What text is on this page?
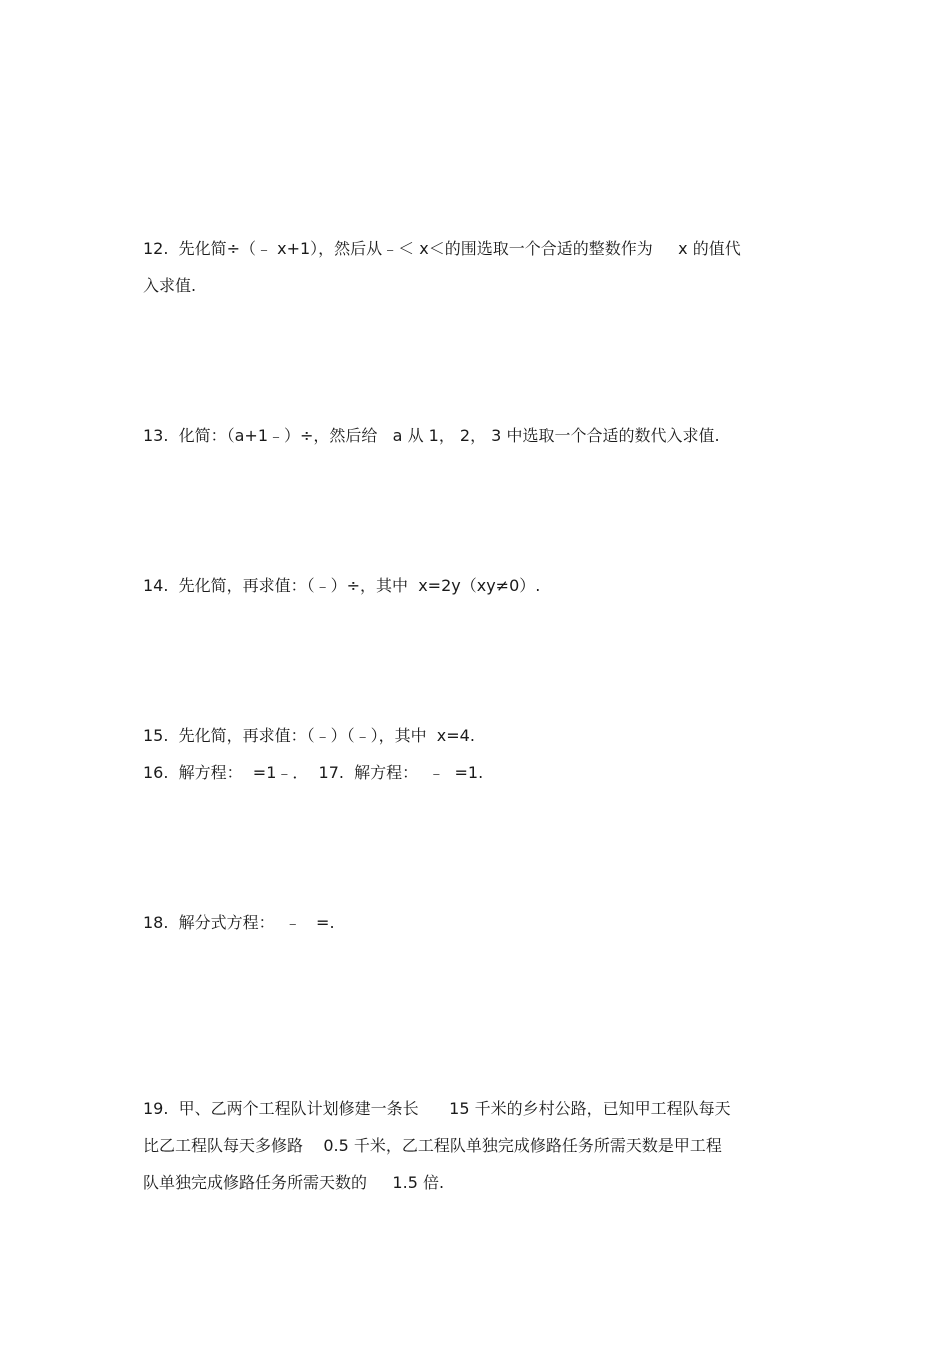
12.  先化简÷（﹣ x+1），然后从﹣＜ x＜的围选取一个合适的整数作为     x 的值代
入求值.
13.  化简：（a+1﹣）÷，然后给   a 从 1， 2， 3 中选取一个合适的数代入求值.
14.  先化简，再求值：（﹣）÷，其中  x=2y（xy≠0）.
15.  先化简，再求值：（﹣）（﹣），其中  x=4.
16.  解方程：  =1﹣．  17.  解方程：  ﹣  =1.
18.  解分式方程：  ﹣   =.
19.  甲、乙两个工程队计划修建一条长      15 千米的乡村公路，已知甲工程队每天
比乙工程队每天多修路    0.5 千米，乙工程队单独完成修路任务所需天数是甲工程
队单独完成修路任务所需天数的     1.5 倍.
